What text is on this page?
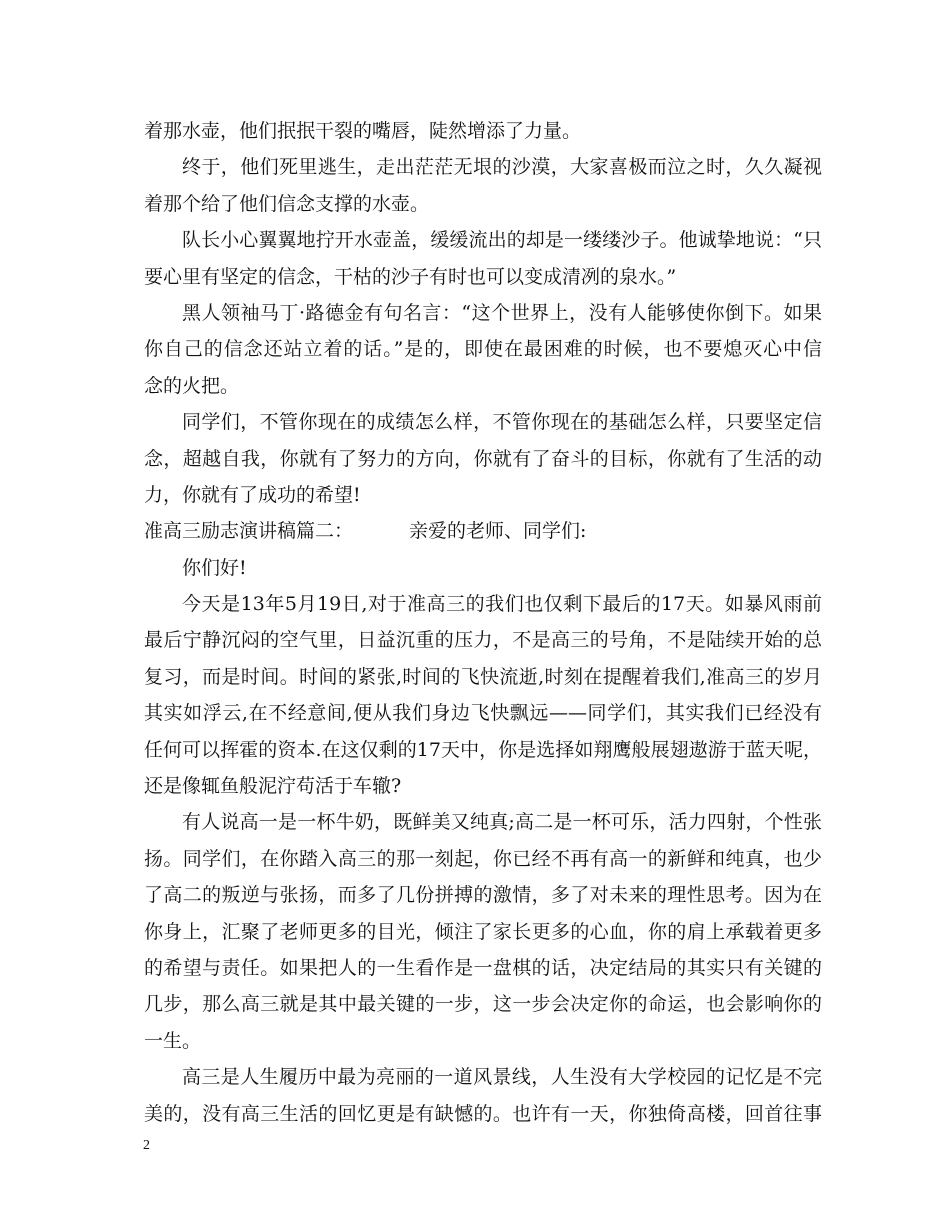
着那水壶，他们抿抿干裂的嘴唇，陡然增添了力量。
终于，他们死里逃生，走出茫茫无垠的沙漠，大家喜极而泣之时，久久凝视
着那个给了他们信念支撑的水壶。
队长小心翼翼地拧开水壶盖，缓缓流出的却是一缕缕沙子。他诚挚地说：“只
要心里有坚定的信念，干枯的沙子有时也可以变成清冽的泉水。”
黑人领袖马丁·路德金有句名言：“这个世界上，没有人能够使你倒下。如果
你自己的信念还站立着的话。”是的，即使在最困难的时候，也不要熄灭心中信
念的火把。
同学们，不管你现在的成绩怎么样，不管你现在的基础怎么样，只要坚定信
念，超越自我，你就有了努力的方向，你就有了奋斗的目标，你就有了生活的动
力，你就有了成功的希望!
准高三励志演讲稿篇二：	亲爱的老师、同学们:
你们好!
今天是13年5月19日,对于准高三的我们也仅剩下最后的17天。如暴风雨前
最后宁静沉闷的空气里，日益沉重的压力，不是高三的号角，不是陆续开始的总
复习，而是时间。时间的紧张,时间的飞快流逝,时刻在提醒着我们,准高三的岁月
其实如浮云,在不经意间,便从我们身边飞快飘远——同学们，其实我们已经没有
任何可以挥霍的资本.在这仅剩的17天中，你是选择如翔鹰般展翅遨游于蓝天呢，
还是像辄鱼般泥泞苟活于车辙?
有人说高一是一杯牛奶，既鲜美又纯真;高二是一杯可乐，活力四射，个性张
扬。同学们，在你踏入高三的那一刻起，你已经不再有高一的新鲜和纯真，也少
了高二的叛逆与张扬，而多了几份拼搏的激情，多了对未来的理性思考。因为在
你身上，汇聚了老师更多的目光，倾注了家长更多的心血，你的肩上承载着更多
的希望与责任。如果把人的一生看作是一盘棋的话，决定结局的其实只有关键的
几步，那么高三就是其中最关键的一步，这一步会决定你的命运，也会影响你的
一生。
高三是人生履历中最为亮丽的一道风景线，人生没有大学校园的记忆是不完
美的，没有高三生活的回忆更是有缺憾的。也许有一天，你独倚高楼，回首往事
2
